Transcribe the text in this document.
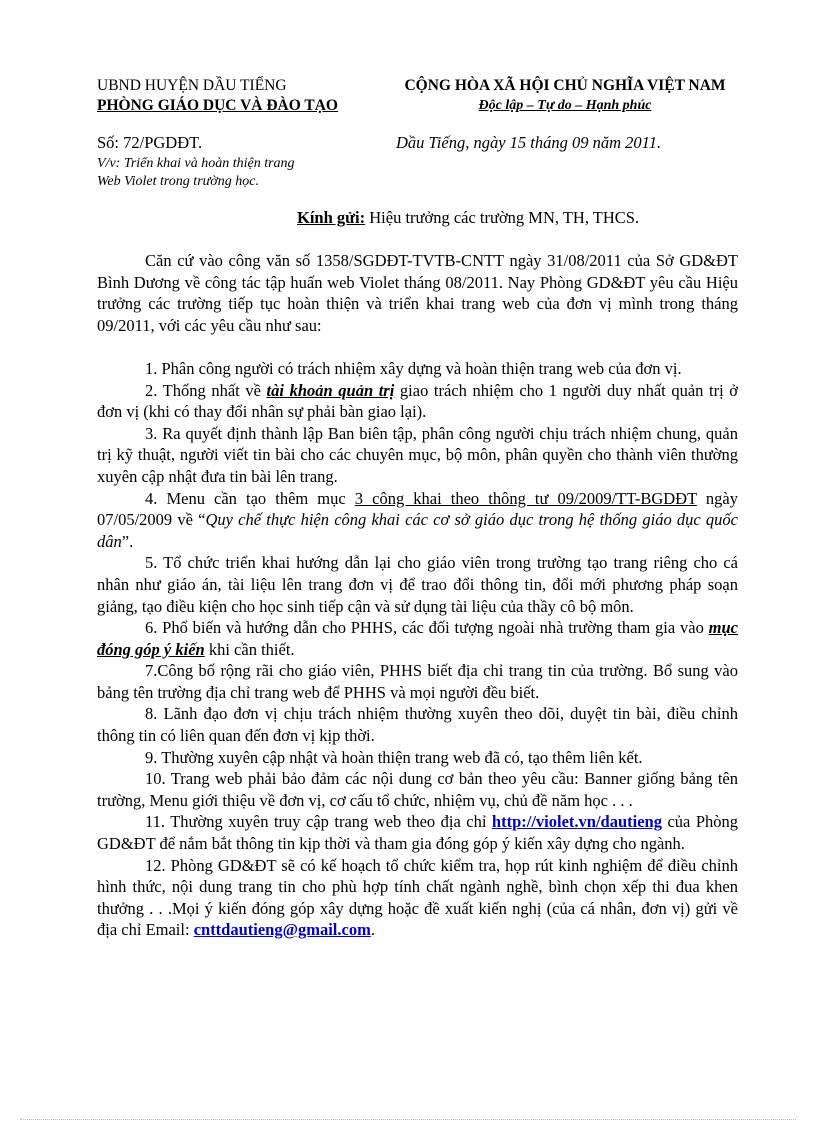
UBND HUYỆN DẦU TIẾNG
PHÒNG GIÁO DỤC VÀ ĐÀO TẠO
CỘNG HÒA XÃ HỘI CHỦ NGHĨA VIỆT NAM
Độc lập – Tự do – Hạnh phúc
Số: 72/PGDĐT.	Dầu Tiếng, ngày 15 tháng 09 năm 2011.
V/v: Triển khai và hoàn thiện trang
Web Violet trong trường học.
Kính gửi: Hiệu trưởng các trường MN, TH, THCS.

Căn cứ vào công văn số 1358/SGDĐT-TVTB-CNTT ngày 31/08/2011 của Sở GD&ĐT Bình Dương về công tác tập huấn web Violet tháng 08/2011. Nay Phòng GD&ĐT yêu cầu Hiệu trưởng các trường tiếp tục hoàn thiện và triển khai trang web của đơn vị mình trong tháng 09/2011, với các yêu cầu như sau:

1. Phân công người có trách nhiệm xây dựng và hoàn thiện trang web của đơn vị.

2. Thống nhất về tài khoản quản trị giao trách nhiệm cho 1 người duy nhất quản trị ở đơn vị (khi có thay đổi nhân sự phải bàn giao lại).

3. Ra quyết định thành lập Ban biên tập, phân công người chịu trách nhiệm chung, quản trị kỹ thuật, người viết tin bài cho các chuyên mục, bộ môn, phân quyền cho thành viên thường xuyên cập nhật đưa tin bài lên trang.

4. Menu cần tạo thêm mục 3 công khai theo thông tư 09/2009/TT-BGDĐT ngày 07/05/2009 về “Quy chế thực hiện công khai các cơ sở giáo dục trong hệ thống giáo dục quốc dân”.

5. Tổ chức triển khai hướng dẫn lại cho giáo viên trong trường tạo trang riêng cho cá nhân như giáo án, tài liệu lên trang đơn vị để trao đổi thông tin, đổi mới phương pháp soạn giảng, tạo điều kiện cho học sinh tiếp cận và sử dụng tài liệu của thầy cô bộ môn.

6. Phổ biến và hướng dẫn cho PHHS, các đối tượng ngoài nhà trường tham gia vào mục đóng góp ý kiến khi cần thiết.

7.Công bố rộng rãi cho giáo viên, PHHS biết địa chỉ trang tin của trường. Bổ sung vào bảng tên trường địa chỉ trang web để PHHS và mọi người đều biết.

8. Lãnh đạo đơn vị chịu trách nhiệm thường xuyên theo dõi, duyệt tin bài, điều chỉnh thông tin có liên quan đến đơn vị kịp thời.

9. Thường xuyên cập nhật và hoàn thiện trang web đã có, tạo thêm liên kết.

10. Trang web phải bảo đảm các nội dung cơ bản theo yêu cầu: Banner giống bảng tên trường, Menu giới thiệu về đơn vị, cơ cấu tổ chức, nhiệm vụ, chủ đề năm học . . .

11. Thường xuyên truy cập trang web theo địa chỉ http://violet.vn/dautieng của Phòng GD&ĐT để nắm bắt thông tin kịp thời và tham gia đóng góp ý kiến xây dựng cho ngành.

12. Phòng GD&ĐT sẽ có kế hoạch tổ chức kiểm tra, họp rút kinh nghiệm để điều chỉnh hình thức, nội dung trang tin cho phù hợp tính chất ngành nghề, bình chọn xếp thi đua khen thưởng . . .Mọi ý kiến đóng góp xây dựng hoặc đề xuất kiến nghị (của cá nhân, đơn vị) gửi về địa chỉ Email: cnttdautieng@gmail.com.
